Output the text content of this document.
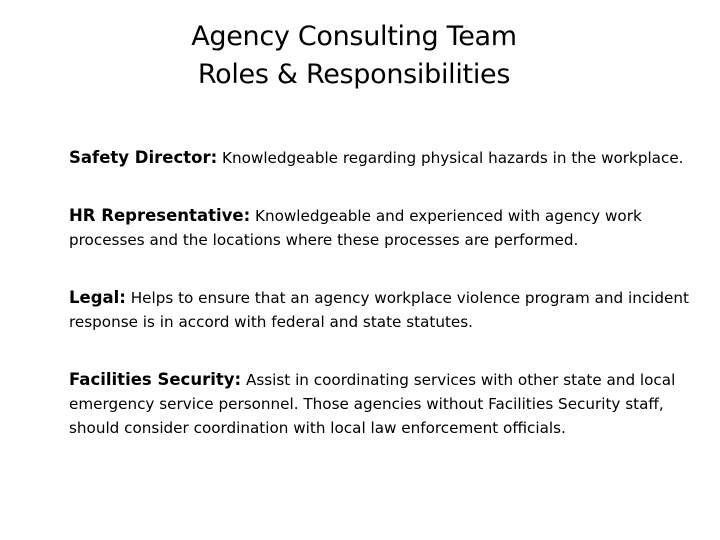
Agency Consulting Team
Roles & Responsibilities
Safety Director: Knowledgeable regarding physical hazards in the workplace.
HR Representative: Knowledgeable and experienced with agency work processes and the locations where these processes are performed.
Legal: Helps to ensure that an agency workplace violence program and incident response is in accord with federal and state statutes.
Facilities Security: Assist in coordinating services with other state and local emergency service personnel. Those agencies without Facilities Security staff, should consider coordination with local law enforcement officials.
